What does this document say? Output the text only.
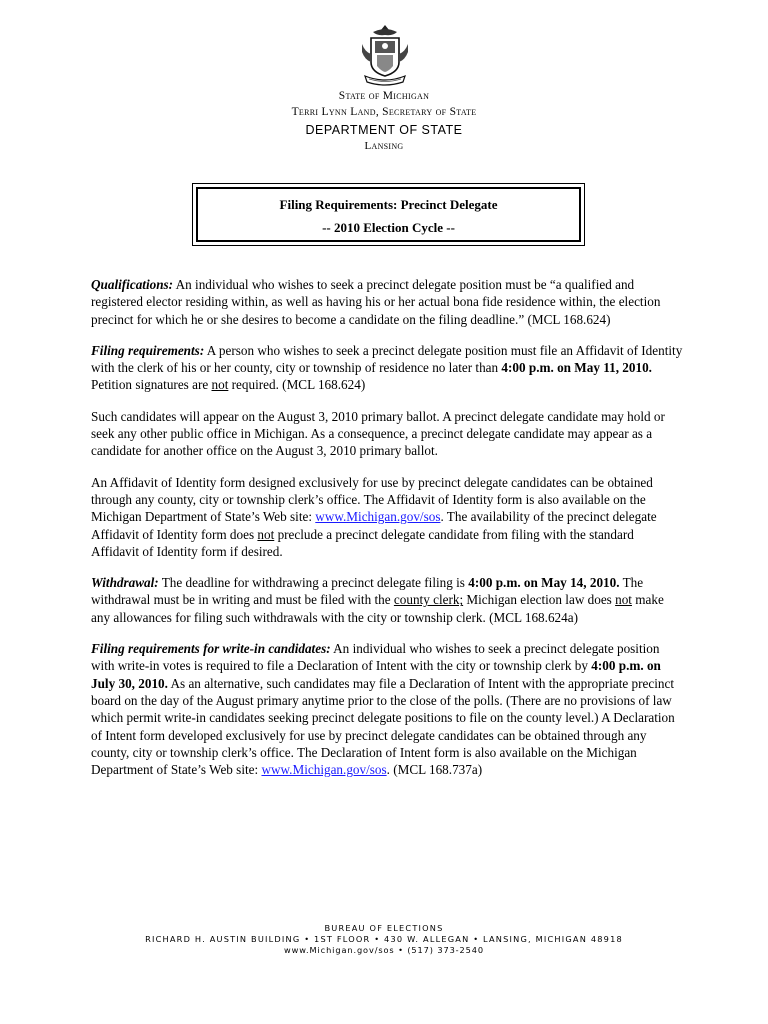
State of Michigan
Terri Lynn Land, Secretary of State
DEPARTMENT OF STATE
Lansing
Filing Requirements: Precinct Delegate
-- 2010 Election Cycle --

Qualifications: An individual who wishes to seek a precinct delegate position must be “a qualified and registered elector residing within, as well as having his or her actual bona fide residence within, the election precinct for which he or she desires to become a candidate on the filing deadline.” (MCL 168.624)

Filing requirements: A person who wishes to seek a precinct delegate position must file an Affidavit of Identity with the clerk of his or her county, city or township of residence no later than 4:00 p.m. on May 11, 2010. Petition signatures are not required. (MCL 168.624)

Such candidates will appear on the August 3, 2010 primary ballot. A precinct delegate candidate may hold or seek any other public office in Michigan. As a consequence, a precinct delegate candidate may appear as a candidate for another office on the August 3, 2010 primary ballot.

An Affidavit of Identity form designed exclusively for use by precinct delegate candidates can be obtained through any county, city or township clerk’s office. The Affidavit of Identity form is also available on the Michigan Department of State’s Web site: www.Michigan.gov/sos. The availability of the precinct delegate Affidavit of Identity form does not preclude a precinct delegate candidate from filing with the standard Affidavit of Identity form if desired.

Withdrawal: The deadline for withdrawing a precinct delegate filing is 4:00 p.m. on May 14, 2010. The withdrawal must be in writing and must be filed with the county clerk; Michigan election law does not make any allowances for filing such withdrawals with the city or township clerk. (MCL 168.624a)

Filing requirements for write-in candidates: An individual who wishes to seek a precinct delegate position with write-in votes is required to file a Declaration of Intent with the city or township clerk by 4:00 p.m. on July 30, 2010. As an alternative, such candidates may file a Declaration of Intent with the appropriate precinct board on the day of the August primary anytime prior to the close of the polls. (There are no provisions of law which permit write-in candidates seeking precinct delegate positions to file on the county level.) A Declaration of Intent form developed exclusively for use by precinct delegate candidates can be obtained through any county, city or township clerk’s office. The Declaration of Intent form is also available on the Michigan Department of State’s Web site: www.Michigan.gov/sos. (MCL 168.737a)

BUREAU OF ELECTIONS
RICHARD H. AUSTIN BUILDING • 1ST FLOOR • 430 W. ALLEGAN • LANSING, MICHIGAN 48918
www.Michigan.gov/sos • (517) 373-2540
